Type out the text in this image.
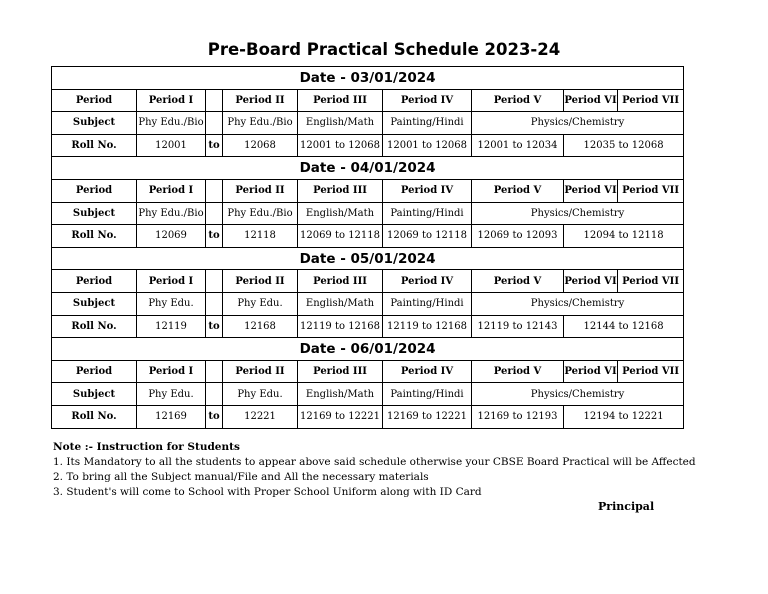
Pre-Board Practical Schedule 2023-24
Date - 03/01/2024								
Period	Period I		Period II	Period III	Period IV	Period V	Period VI	Period VII
Subject	Phy Edu./Bio		Phy Edu./Bio	English/Math	Painting/Hindi	Physics/Chemistry		
Roll No.	12001	to	12068	12001 to 12068	12001 to 12068	12001 to 12034	12035 to 12068	
Date - 04/01/2024								
Period	Period I		Period II	Period III	Period IV	Period V	Period VI	Period VII
Subject	Phy Edu./Bio		Phy Edu./Bio	English/Math	Painting/Hindi	Physics/Chemistry		
Roll No.	12069	to	12118	12069 to 12118	12069 to 12118	12069 to 12093	12094 to 12118	
Date - 05/01/2024								
Period	Period I		Period II	Period III	Period IV	Period V	Period VI	Period VII
Subject	Phy Edu.		Phy Edu.	English/Math	Painting/Hindi	Physics/Chemistry		
Roll No.	12119	to	12168	12119 to 12168	12119 to 12168	12119 to 12143	12144 to 12168	
Date - 06/01/2024								
Period	Period I		Period II	Period III	Period IV	Period V	Period VI	Period VII
Subject	Phy Edu.		Phy Edu.	English/Math	Painting/Hindi	Physics/Chemistry		
Roll No.	12169	to	12221	12169 to 12221	12169 to 12221	12169 to 12193	12194 to 12221	
Note :- Instruction for Students
1. Its Mandatory to all the students to appear above said schedule otherwise your CBSE Board Practical will be Affected
2. To bring all the Subject manual/File and All the necessary materials
3. Student's will come to School with Proper School Uniform along with ID Card
Principal
